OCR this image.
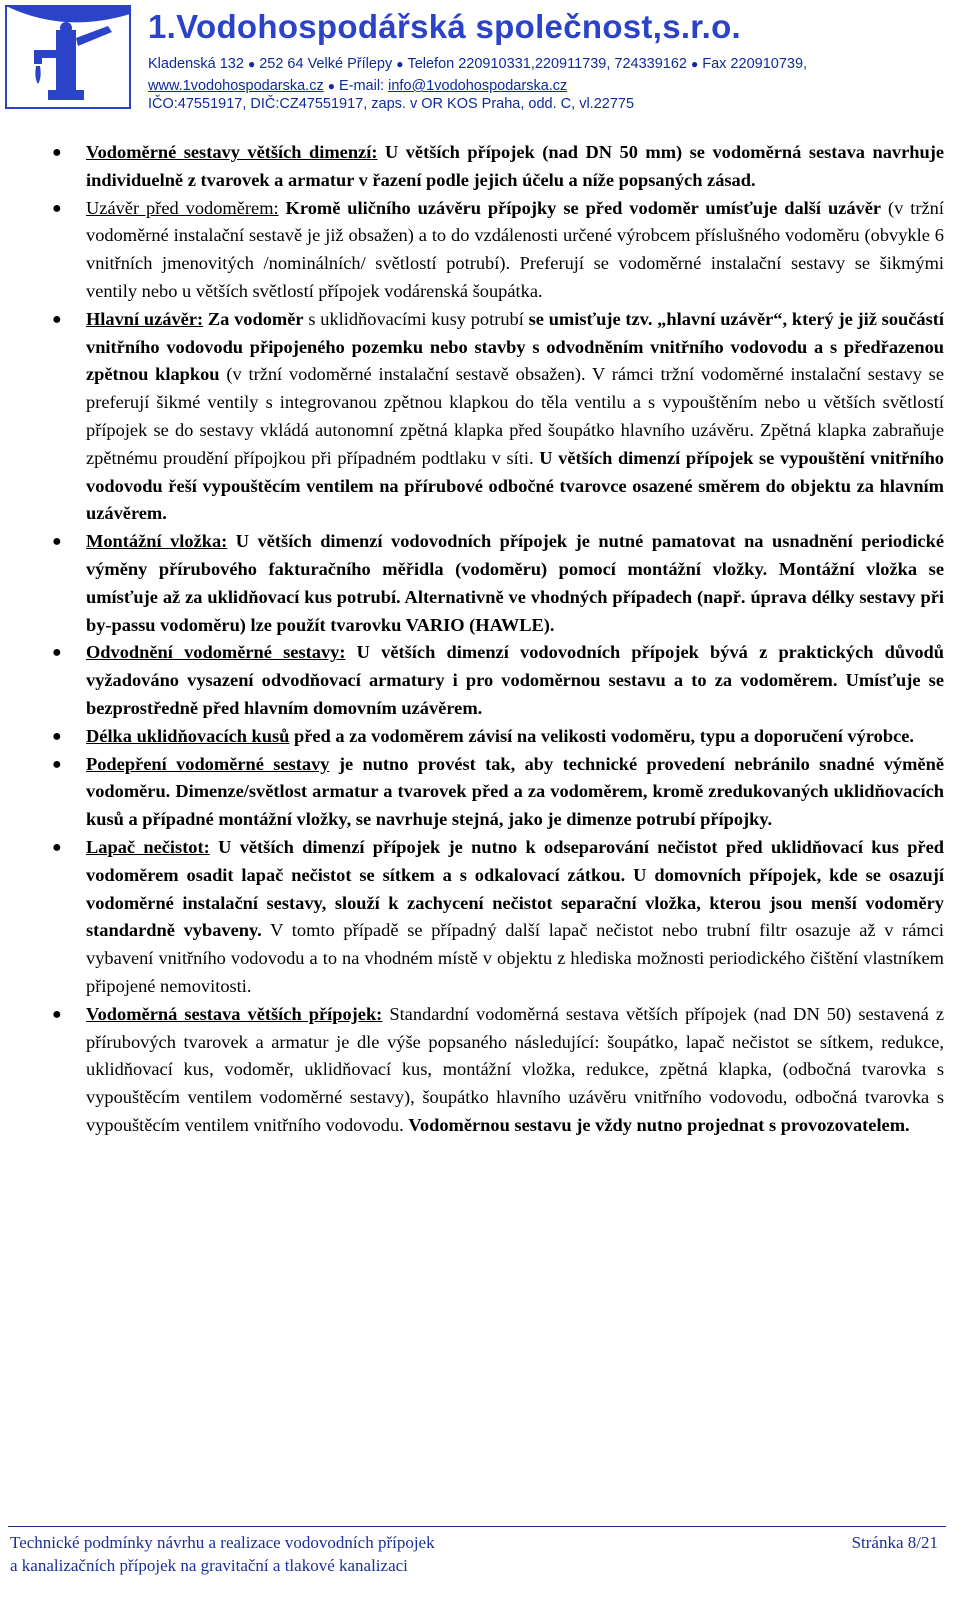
1.Vodohospodářská společnost,s.r.o.
Kladenská 132 ● 252 64 Velké Přílepy ● Telefon 220910331,220911739, 724339162 ● Fax 220910739,
www.1vodohospodarska.cz ● E-mail: info@1vodohospodarska.cz
IČO:47551917, DIČ:CZ47551917, zaps. v OR KOS Praha, odd. C, vl.22775
● Vodoměrné sestavy větších dimenzí: U větších přípojek (nad DN 50 mm) se vodoměrná sestava navrhuje individuelně z tvarovek a armatur v řazení podle jejich účelu a níže popsaných zásad.
● Uzávěr před vodoměrem: Kromě uličního uzávěru přípojky se před vodoměr umísťuje další uzávěr (v tržní vodoměrné instalační sestavě je již obsažen) a to do vzdálenosti určené výrobcem příslušného vodoměru (obvykle 6 vnitřních jmenovitých /nominálních/ světlostí potrubí). Preferují se vodoměrné instalační sestavy se šikmými ventily nebo u větších světlostí přípojek vodárenská šoupátka.
● Hlavní uzávěr: Za vodoměr s uklidňovacími kusy potrubí se umisťuje tzv. „hlavní uzávěr“, který je již součástí vnitřního vodovodu připojeného pozemku nebo stavby s odvodněním vnitřního vodovodu a s předřazenou zpětnou klapkou (v tržní vodoměrné instalační sestavě obsažen). V rámci tržní vodoměrné instalační sestavy se preferují šikmé ventily s integrovanou zpětnou klapkou do těla ventilu a s vypouštěním nebo u větších světlostí přípojek se do sestavy vkládá autonomní zpětná klapka před šoupátko hlavního uzávěru. Zpětná klapka zabraňuje zpětnému proudění přípojkou při případném podtlaku v síti. U větších dimenzí přípojek se vypouštění vnitřního vodovodu řeší vypouštěcím ventilem na přírubové odbočné tvarovce osazené směrem do objektu za hlavním uzávěrem.
● Montážní vložka: U větších dimenzí vodovodních přípojek je nutné pamatovat na usnadnění periodické výměny přírubového fakturačního měřidla (vodoměru) pomocí montážní vložky. Montážní vložka se umísťuje až za uklidňovací kus potrubí. Alternativně ve vhodných případech (např. úprava délky sestavy při by-passu vodoměru) lze použít tvarovku VARIO (HAWLE).
● Odvodnění vodoměrné sestavy: U větších dimenzí vodovodních přípojek bývá z praktických důvodů vyžadováno vysazení odvodňovací armatury i pro vodoměrnou sestavu a to za vodoměrem. Umísťuje se bezprostředně před hlavním domovním uzávěrem.
● Délka uklidňovacích kusů před a za vodoměrem závisí na velikosti vodoměru, typu a doporučení výrobce.
● Podepření vodoměrné sestavy je nutno provést tak, aby technické provedení nebránilo snadné výměně vodoměru. Dimenze/světlost armatur a tvarovek před a za vodoměrem, kromě zredukovaných uklidňovacích kusů a případné montážní vložky, se navrhuje stejná, jako je dimenze potrubí přípojky.
● Lapač nečistot: U větších dimenzí přípojek je nutno k odseparování nečistot před uklidňovací kus před vodoměrem osadit lapač nečistot se sítkem a s odkalovací zátkou. U domovních přípojek, kde se osazují vodoměrné instalační sestavy, slouží k zachycení nečistot separační vložka, kterou jsou menší vodoměry standardně vybaveny. V tomto případě se případný další lapač nečistot nebo trubní filtr osazuje až v rámci vybavení vnitřního vodovodu a to na vhodném místě v objektu z hlediska možnosti periodického čištění vlastníkem připojené nemovitosti.
● Vodoměrná sestava větších přípojek: Standardní vodoměrná sestava větších přípojek (nad DN 50) sestavená z přírubových tvarovek a armatur je dle výše popsaného následující: šoupátko, lapač nečistot se sítkem, redukce, uklidňovací kus, vodoměr, uklidňovací kus, montážní vložka, redukce, zpětná klapka, (odbočná tvarovka s vypouštěcím ventilem vodoměrné sestavy), šoupátko hlavního uzávěru vnitřního vodovodu, odbočná tvarovka s vypouštěcím ventilem vnitřního vodovodu. Vodoměrnou sestavu je vždy nutno projednat s provozovatelem.
Technické podmínky návrhu a realizace vodovodních přípojek
a kanalizačních přípojek na gravitační a tlakové kanalizaci
Stránka 8/21
